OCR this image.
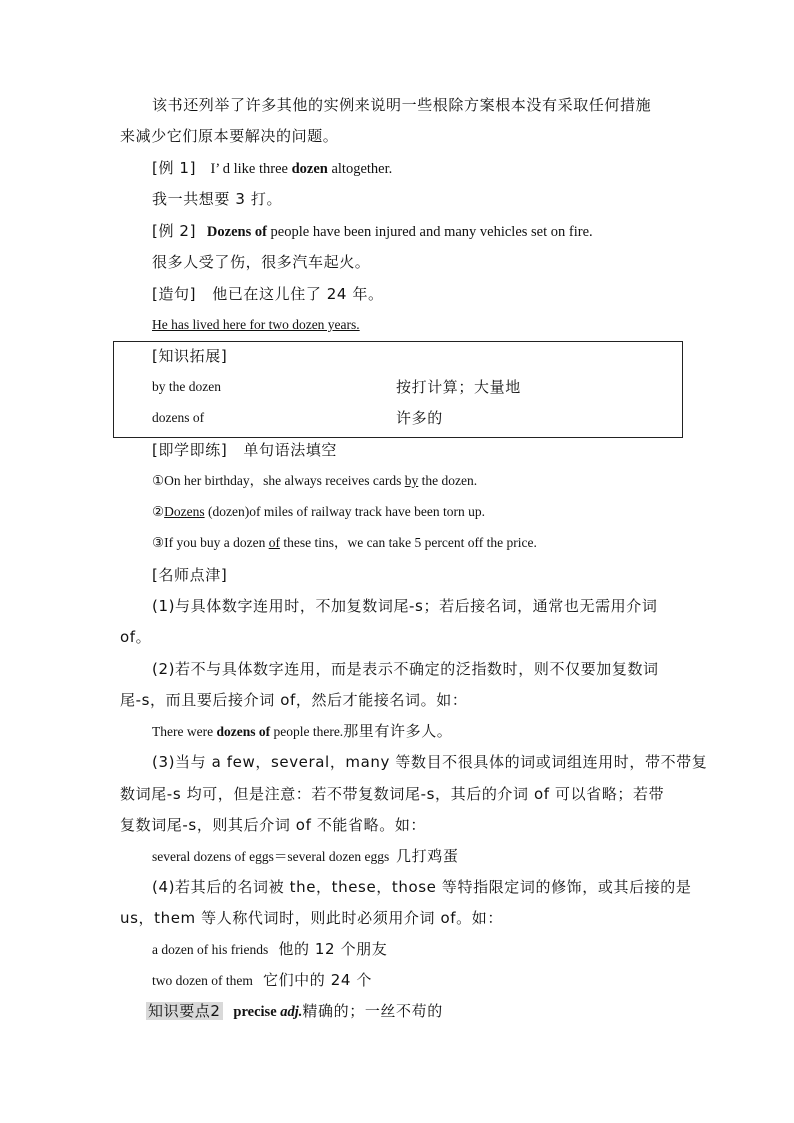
该书还列举了许多其他的实例来说明一些根除方案根本没有采取任何措施
来减少它们原本要解决的问题。
[例 1] I’ d like three dozen altogether.
我一共想要 3 打。
[例 2] Dozens of people have been injured and many vehicles set on fire.
很多人受了伤，很多汽车起火。
[造句] 他已在这儿住了 24 年。
He has lived here for two dozen years.
[知识拓展]
by the dozen	按打计算；大量地
dozens of	许多的
[即学即练] 单句语法填空
①On her birthday，she always receives cards by the dozen.
②Dozens (dozen)of miles of railway track have been torn up.
③If you buy a dozen of these tins，we can take 5 percent off the price.
[名师点津]
(1)与具体数字连用时，不加复数词尾-s；若后接名词，通常也无需用介词
of。
(2)若不与具体数字连用，而是表示不确定的泛指数时，则不仅要加复数词
尾-s，而且要后接介词 of，然后才能接名词。如：
There were dozens of people there.那里有许多人。
(3)当与 a few，several，many 等数目不很具体的词或词组连用时，带不带复
数词尾-s 均可，但是注意：若不带复数词尾-s，其后的介词 of 可以省略；若带
复数词尾-s，则其后介词 of 不能省略。如：
several dozens of eggs＝several dozen eggs 几打鸡蛋
(4)若其后的名词被 the，these，those 等特指限定词的修饰，或其后接的是
us，them 等人称代词时，则此时必须用介词 of。如：
a dozen of his friends 他的 12 个朋友
two dozen of them 它们中的 24 个
知识要点2 precise adj.精确的；一丝不苟的
